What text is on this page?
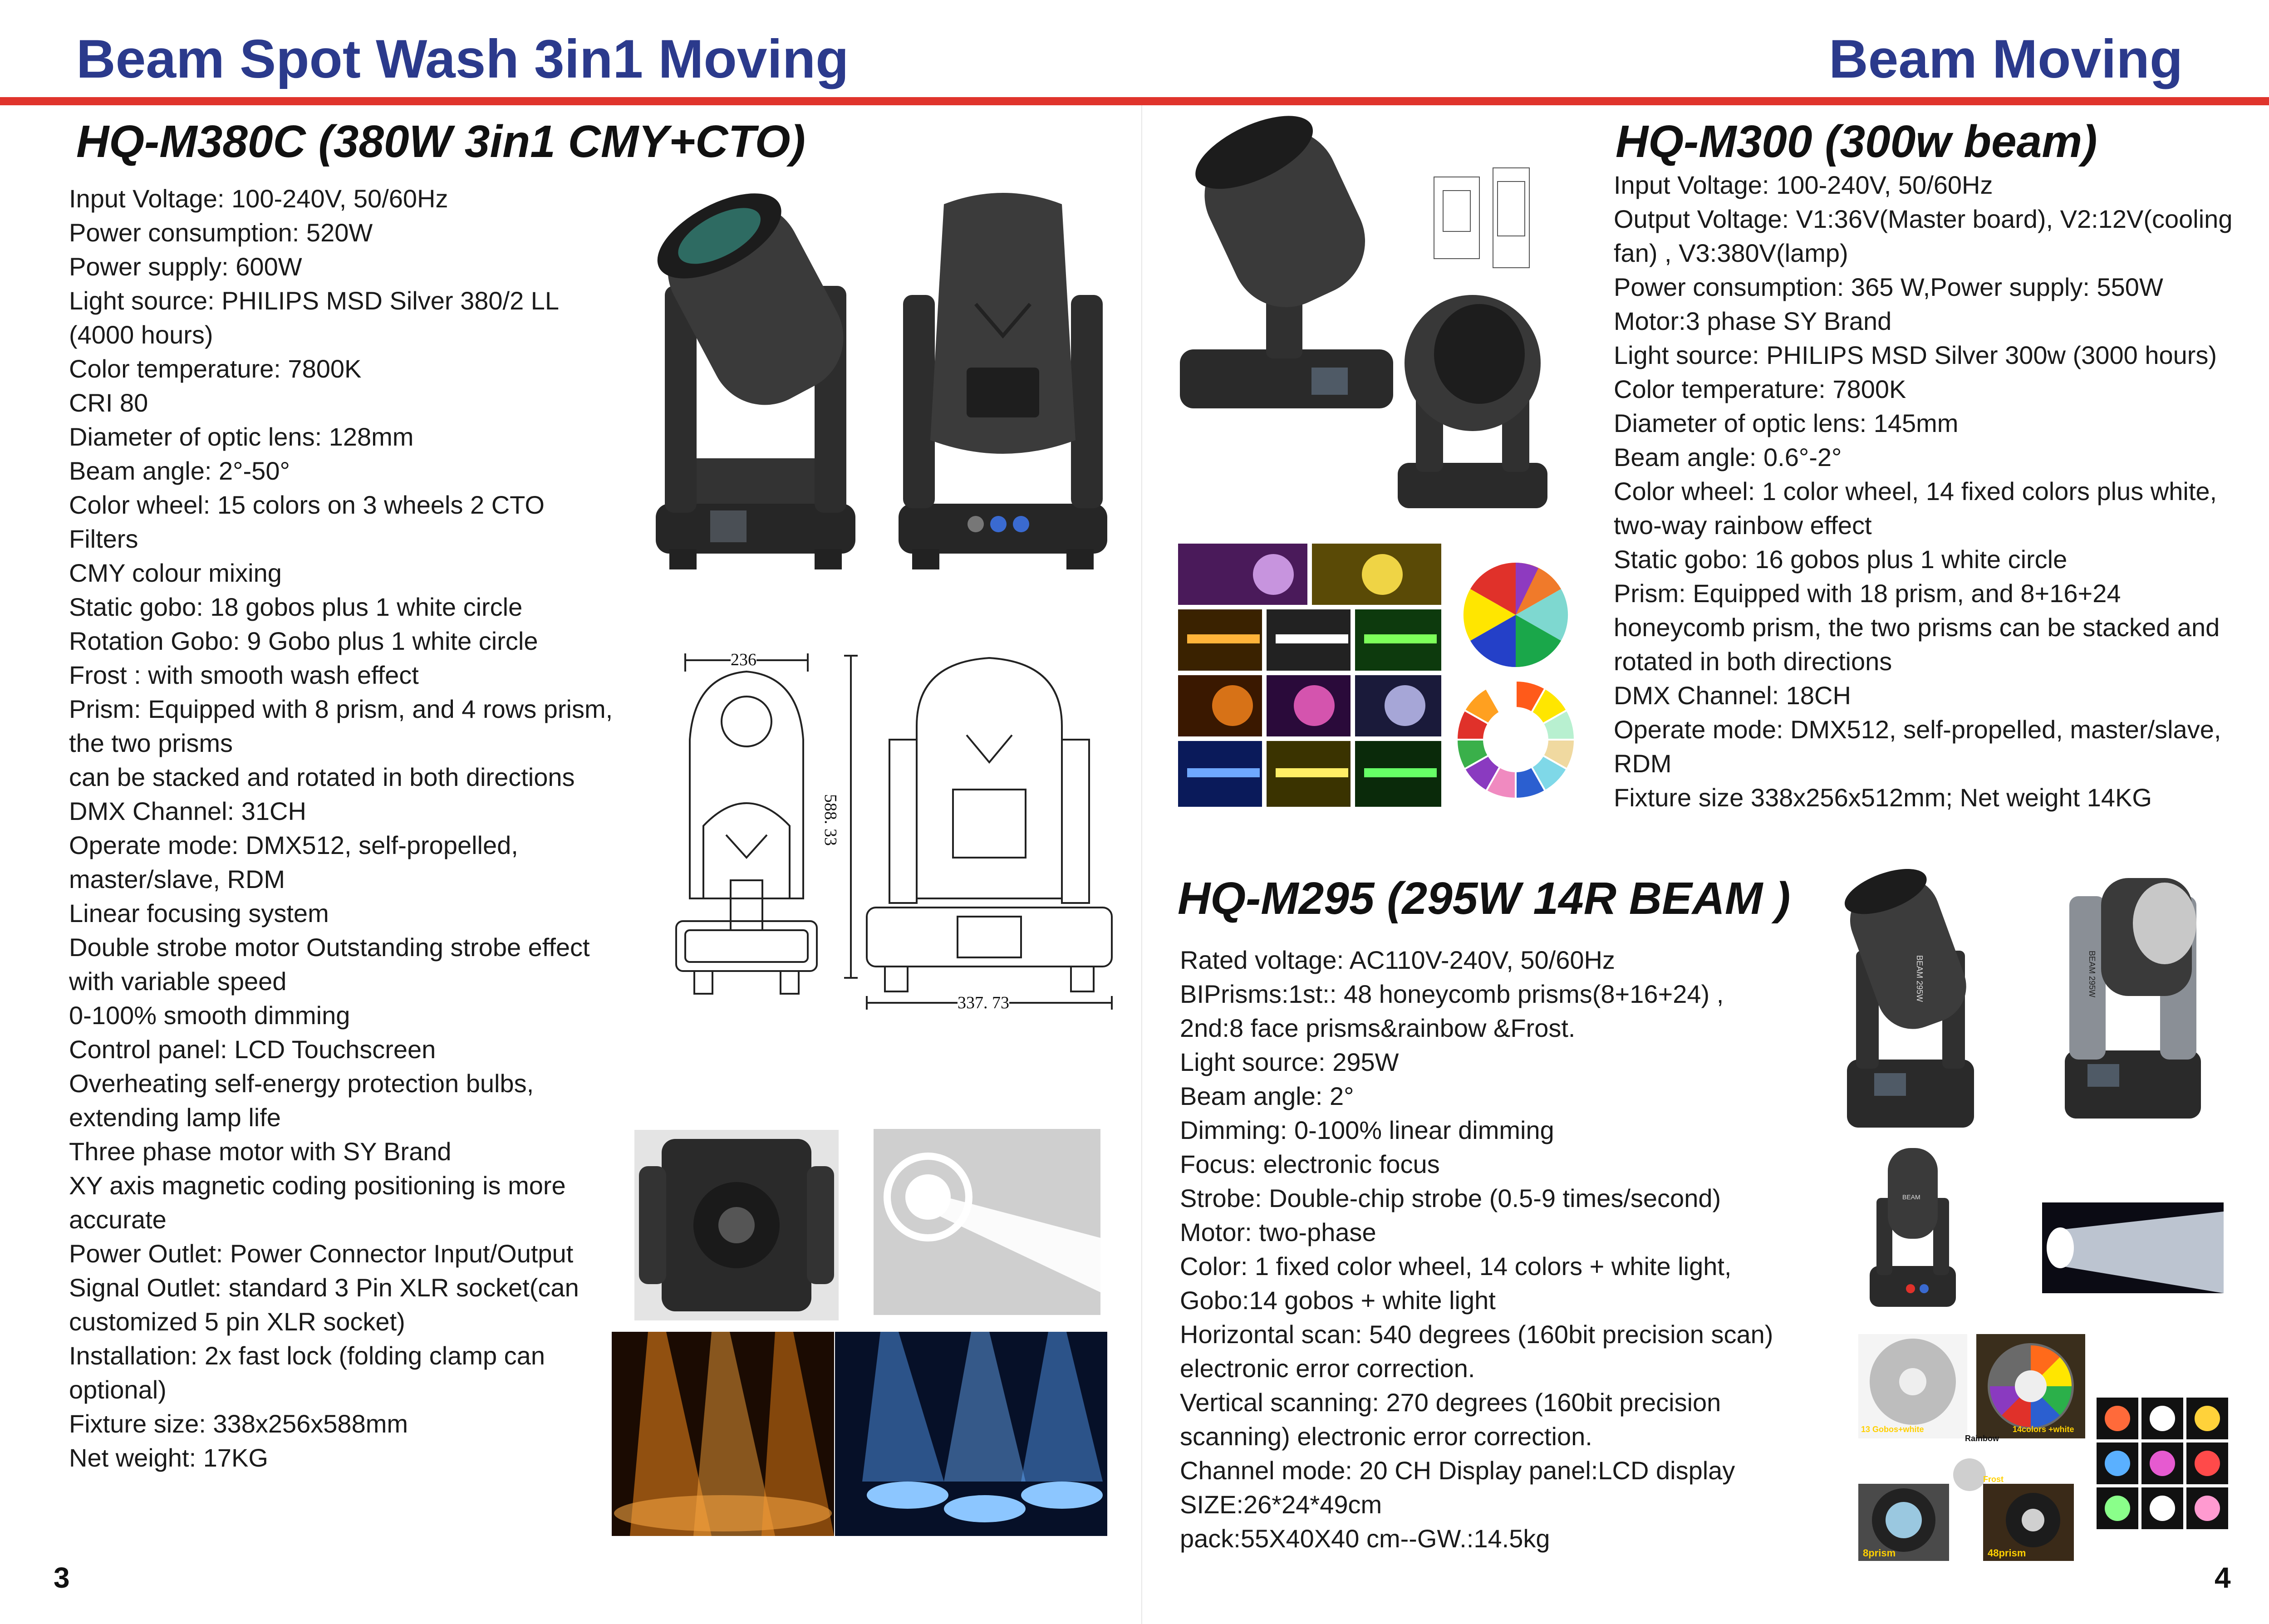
Beam Spot Wash 3in1 Moving	Beam Moving
HQ-M380C (380W 3in1 CMY+CTO)
Input Voltage: 100-240V, 50/60Hz
Power consumption: 520W
Power supply: 600W
Light source: PHILIPS MSD Silver 380/2 LL
(4000 hours)
Color temperature: 7800K
CRI 80
Diameter of optic lens: 128mm
Beam angle: 2°-50°
Color wheel: 15 colors on 3 wheels 2 CTO
Filters
CMY colour mixing
Static gobo: 18 gobos plus 1 white circle
Rotation Gobo: 9 Gobo plus 1 white circle
Frost : with smooth wash effect
Prism: Equipped with 8 prism, and 4 rows prism,
the two prisms
can be stacked and rotated in both directions
DMX Channel: 31CH
Operate mode: DMX512, self-propelled,
master/slave, RDM
Linear focusing system
Double strobe motor Outstanding strobe effect
with variable speed
0-100% smooth dimming
Control panel: LCD Touchscreen
Overheating self-energy protection bulbs,
extending lamp life
Three phase motor with SY Brand
XY axis magnetic coding positioning is more
accurate
Power Outlet: Power Connector Input/Output
Signal Outlet: standard 3 Pin XLR socket(can
customized 5 pin XLR socket)
Installation: 2x fast lock (folding clamp can
optional)
Fixture size: 338x256x588mm
Net weight: 17KG
236
588. 33
337. 73
3
HQ-M300 (300w beam)
Input Voltage: 100-240V, 50/60Hz
Output Voltage: V1:36V(Master board), V2:12V(cooling
fan) , V3:380V(lamp)
Power consumption: 365 W,Power supply: 550W
Motor:3 phase SY Brand
Light source: PHILIPS MSD Silver 300w (3000 hours)
Color temperature: 7800K
Diameter of optic lens: 145mm
Beam angle: 0.6°-2°
Color wheel: 1 color wheel, 14 fixed colors plus white,
two-way rainbow effect
Static gobo: 16 gobos plus 1 white circle
Prism: Equipped with 18 prism, and 8+16+24
honeycomb prism, the two prisms can be stacked and
rotated in both directions
DMX Channel: 18CH
Operate mode: DMX512, self-propelled, master/slave,
RDM
Fixture size 338x256x512mm; Net weight 14KG
HQ-M295 (295W 14R BEAM )
Rated voltage: AC110V-240V, 50/60Hz
BIPrisms:1st:: 48 honeycomb prisms(8+16+24) ,
2nd:8 face prisms&rainbow &Frost.
Light source: 295W
Beam angle: 2°
Dimming: 0-100% linear dimming
Focus: electronic focus
Strobe: Double-chip strobe (0.5-9 times/second)
Motor: two-phase
Color: 1 fixed color wheel, 14 colors + white light,
Gobo:14 gobos + white light
Horizontal scan: 540 degrees (160bit precision scan)
electronic error correction.
Vertical scanning: 270 degrees (160bit precision
scanning) electronic error correction.
Channel mode: 20 CH Display panel:LCD display
SIZE:26*24*49cm
pack:55X40X40 cm--GW.:14.5kg
BEAM 295W	BEAM 295W
BEAM
13 Gobos+white	14colors +white
Rainbow
Frost
8prism	48prism
4
